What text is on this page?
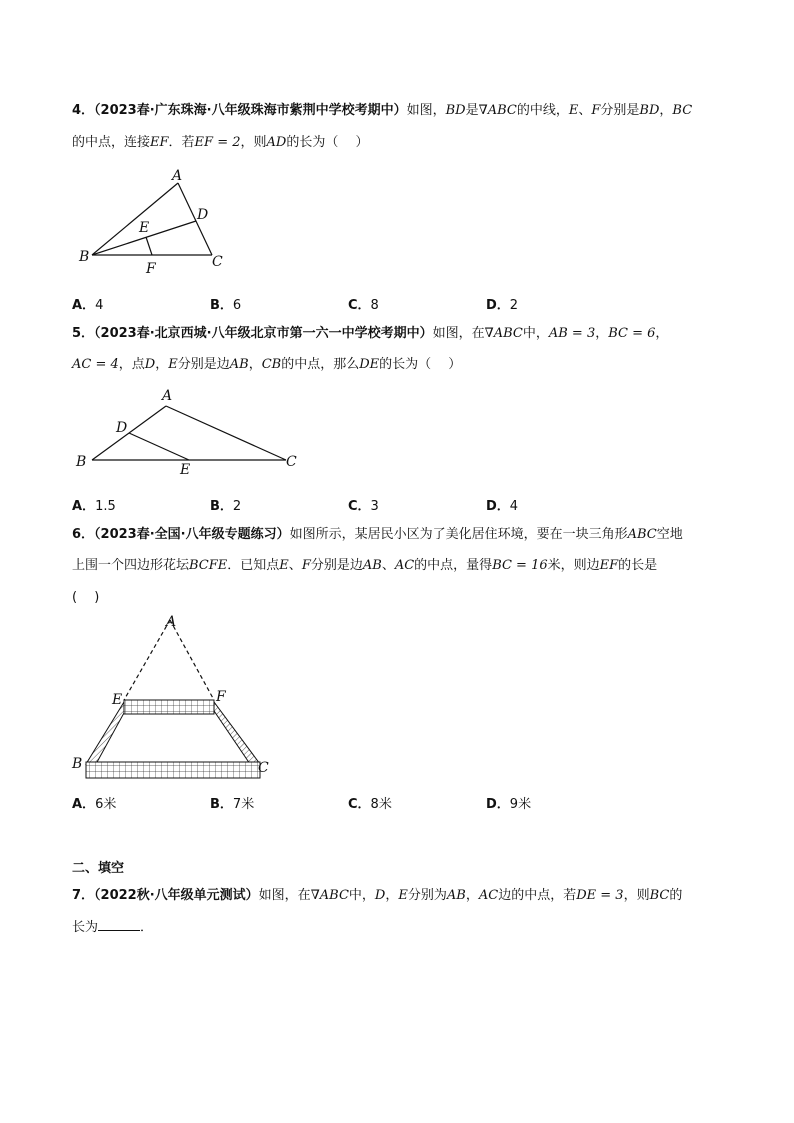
4．（2023春·广东珠海·八年级珠海市紫荆中学校考期中）如图，BD是∇ABC的中线，E、F分别是BD，BC
的中点，连接EF．若EF = 2，则AD的长为（　 ）
A
B	C
D
E
F
A．4	B．6	C．8	D．2
5．（2023春·北京西城·八年级北京市第一六一中学校考期中）如图，在∇ABC中，AB = 3，BC = 6，
AC = 4，点D，E分别是边AB，CB的中点，那么DE的长为（　 ）
A
B	C
D
E
A．1.5	B．2	C．3	D．4
6．（2023春·全国·八年级专题练习）如图所示，某居民小区为了美化居住环境，要在一块三角形ABC空地
上围一个四边形花坛BCFE．已知点E、F分别是边AB、AC的中点，量得BC = 16米，则边EF的长是
(　 )
A
E	F
B	C
A．6米	B．7米	C．8米	D．9米
二、填空
7．（2022秋·八年级单元测试）如图，在∇ABC中，D，E分别为AB，AC边的中点，若DE = 3，则BC的
长为	．
